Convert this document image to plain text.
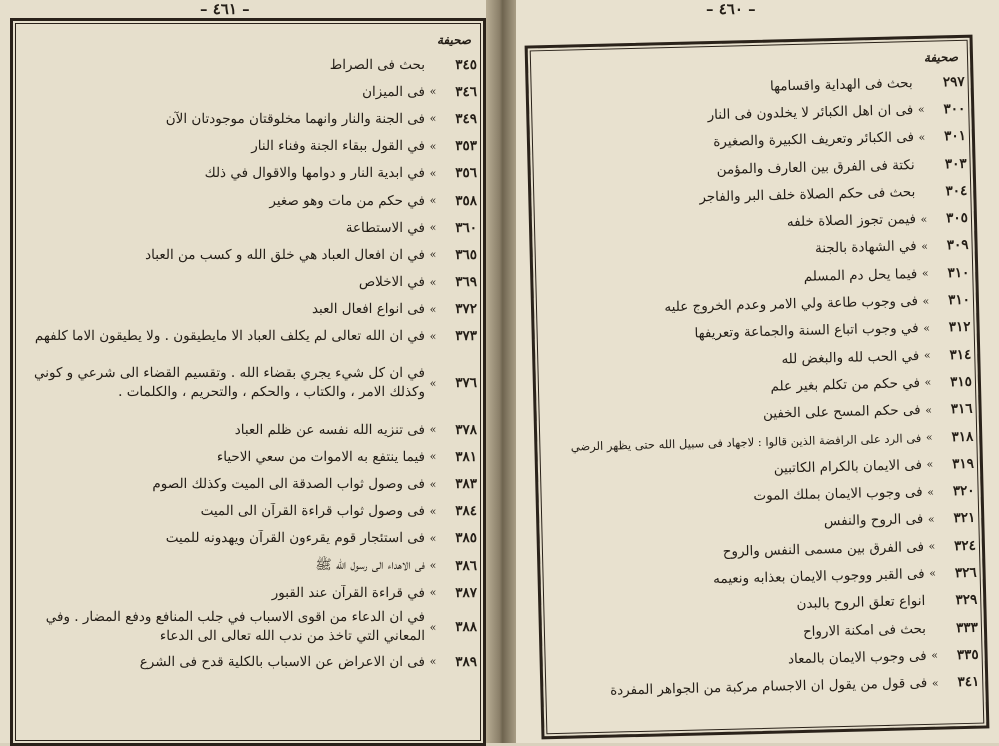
– ٤٦١ –
صحيفة
٣٤٥
بحث فى الصراط
٣٤٦
»
فى الميزان
٣٤٩
»
فى الجنة والنار وانهما مخلوقتان موجودتان الآن
٣٥٣
»
في القول ببقاء الجنة وفناء النار
٣٥٦
»
في ابدية النار و دوامها والاقوال في ذلك
٣٥٨
»
في حكم من مات وهو صغير
٣٦٠
»
في الاستطاعة
٣٦٥
»
في ان افعال العباد هي خلق الله و كسب من العباد
٣٦٩
»
في الاخلاص
٣٧٢
»
فى انواع افعال العبد
٣٧٣
»
في ان الله تعالى لم يكلف العباد الا مايطيقون . ولا يطيقون الاما كلفهم
٣٧٦
»
في ان كل شيء يجري بقضاء الله . وتقسيم القضاء الى شرعي و كوني وكذلك الامر ، والكتاب ، والحكم ، والتحريم ، والكلمات .
٣٧٨
»
فى تنزيه الله نفسه عن ظلم العباد
٣٨١
»
فيما ينتفع به الاموات من سعي الاحياء
٣٨٣
»
فى وصول ثواب الصدقة الى الميت وكذلك الصوم
٣٨٤
»
فى وصول ثواب قراءة القرآن الى الميت
٣٨٥
»
فى استئجار قوم يقرءون القرآن ويهدونه للميت
٣٨٦
»
فى الاهداء الى رسول الله ﷺ
٣٨٧
»
في قراءة القرآن عند القبور
٣٨٨
»
في ان الدعاء من اقوى الاسباب في جلب المنافع ودفع المضار . وفي المعاني التي تاخذ من ندب الله تعالى الى الدعاء
٣٨٩
»
فى ان الاعراض عن الاسباب بالكلية قدح فى الشرع
– ٤٦٠ –
صحيفة
٢٩٧
بحث فى الهداية واقسامها
٣٠٠
»
فى ان اهل الكبائر لا يخلدون فى النار
٣٠١
»
فى الكبائر وتعريف الكبيرة والصغيرة
٣٠٣
نكتة فى الفرق بين العارف والمؤمن
٣٠٤
بحث فى حكم الصلاة خلف البر والفاجر
٣٠٥
»
فيمن تجوز الصلاة خلفه
٣٠٩
»
في الشهادة بالجنة
٣١٠
»
فيما يحل دم المسلم
٣١٠
»
فى وجوب طاعة ولي الامر وعدم الخروج عليه
٣١٢
»
في وجوب اتباع السنة والجماعة وتعريفها
٣١٤
»
في الحب لله والبغض لله
٣١٥
»
في حكم من تكلم بغير علم
٣١٦
»
فى حكم المسح على الخفين
٣١٨
»
فى الرد على الرافضة الذين قالوا : لاجهاد فى سبيل الله حتى يظهر الرضي
٣١٩
»
فى الايمان بالكرام الكاتبين
٣٢٠
»
فى وجوب الايمان بملك الموت
٣٢١
»
فى الروح والنفس
٣٢٤
»
فى الفرق بين مسمى النفس والروح
٣٢٦
»
فى القبر ووجوب الايمان بعذابه ونعيمه
٣٢٩
انواع تعلق الروح بالبدن
٣٣٣
بحث فى امكنة الارواح
٣٣٥
»
فى وجوب الايمان بالمعاد
٣٤١
»
فى قول من يقول ان الاجسام مركبة من الجواهر المفردة
